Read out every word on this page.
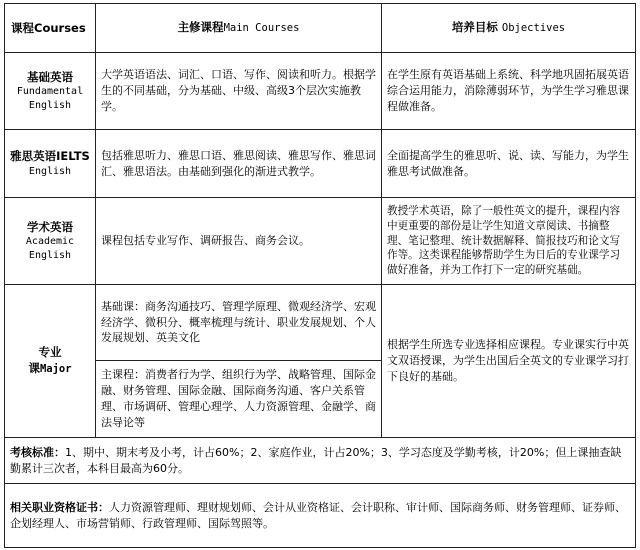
课程Courses	主修课程Main Courses	培养目标 Objectives
基础英语
Fundamental
English	大学英语语法、词汇、口语、写作、阅读和听力。根据学生的不同基础，分为基础、中级、高级3个层次实施教学。	在学生原有英语基础上系统、科学地巩固拓展英语综合运用能力，消除薄弱环节，为学生学习雅思课程做准备。
雅思英语IELTS
English	包括雅思听力、雅思口语、雅思阅读、雅思写作、雅思词汇、雅思语法。由基础到强化的渐进式教学。	全面提高学生的雅思听、说、读、写能力，为学生雅思考试做准备。
学术英语
Academic
English	课程包括专业写作、调研报告、商务会议。	教授学术英语，除了一般性英文的提升，课程内容中更重要的部份是让学生知道文章阅读、书摘整理、笔记整理、统计数据解释、简报技巧和论文写作等。这类课程能够帮助学生为日后的专业课学习做好准备，并为工作打下一定的研究基础。
专业
课Major	基础课：商务沟通技巧、管理学原理、微观经济学、宏观经济学、微积分、概率梳理与统计、职业发展规划、个人发展规划、英美文化	根据学生所选专业选择相应课程。专业课实行中英文双语授课，为学生出国后全英文的专业课学习打下良好的基础。
	主课程：消费者行为学、组织行为学、战略管理、国际金融、财务管理、国际金融、国际商务沟通、客户关系管理、市场调研、管理心理学、人力资源管理、金融学、商法导论等	
考核标准：1、期中、期末考及小考，计占60%；2、家庭作业，计占20%；3、学习态度及学勤考核，计20%；但上课抽查缺勤累计三次者，本科目最高为60分。		
相关职业资格证书：人力资源管理师、理财规划师、会计从业资格证、会计职称、审计师、国际商务师、财务管理师、证券师、企划经理人、市场营销师、行政管理师、国际驾照等。		
